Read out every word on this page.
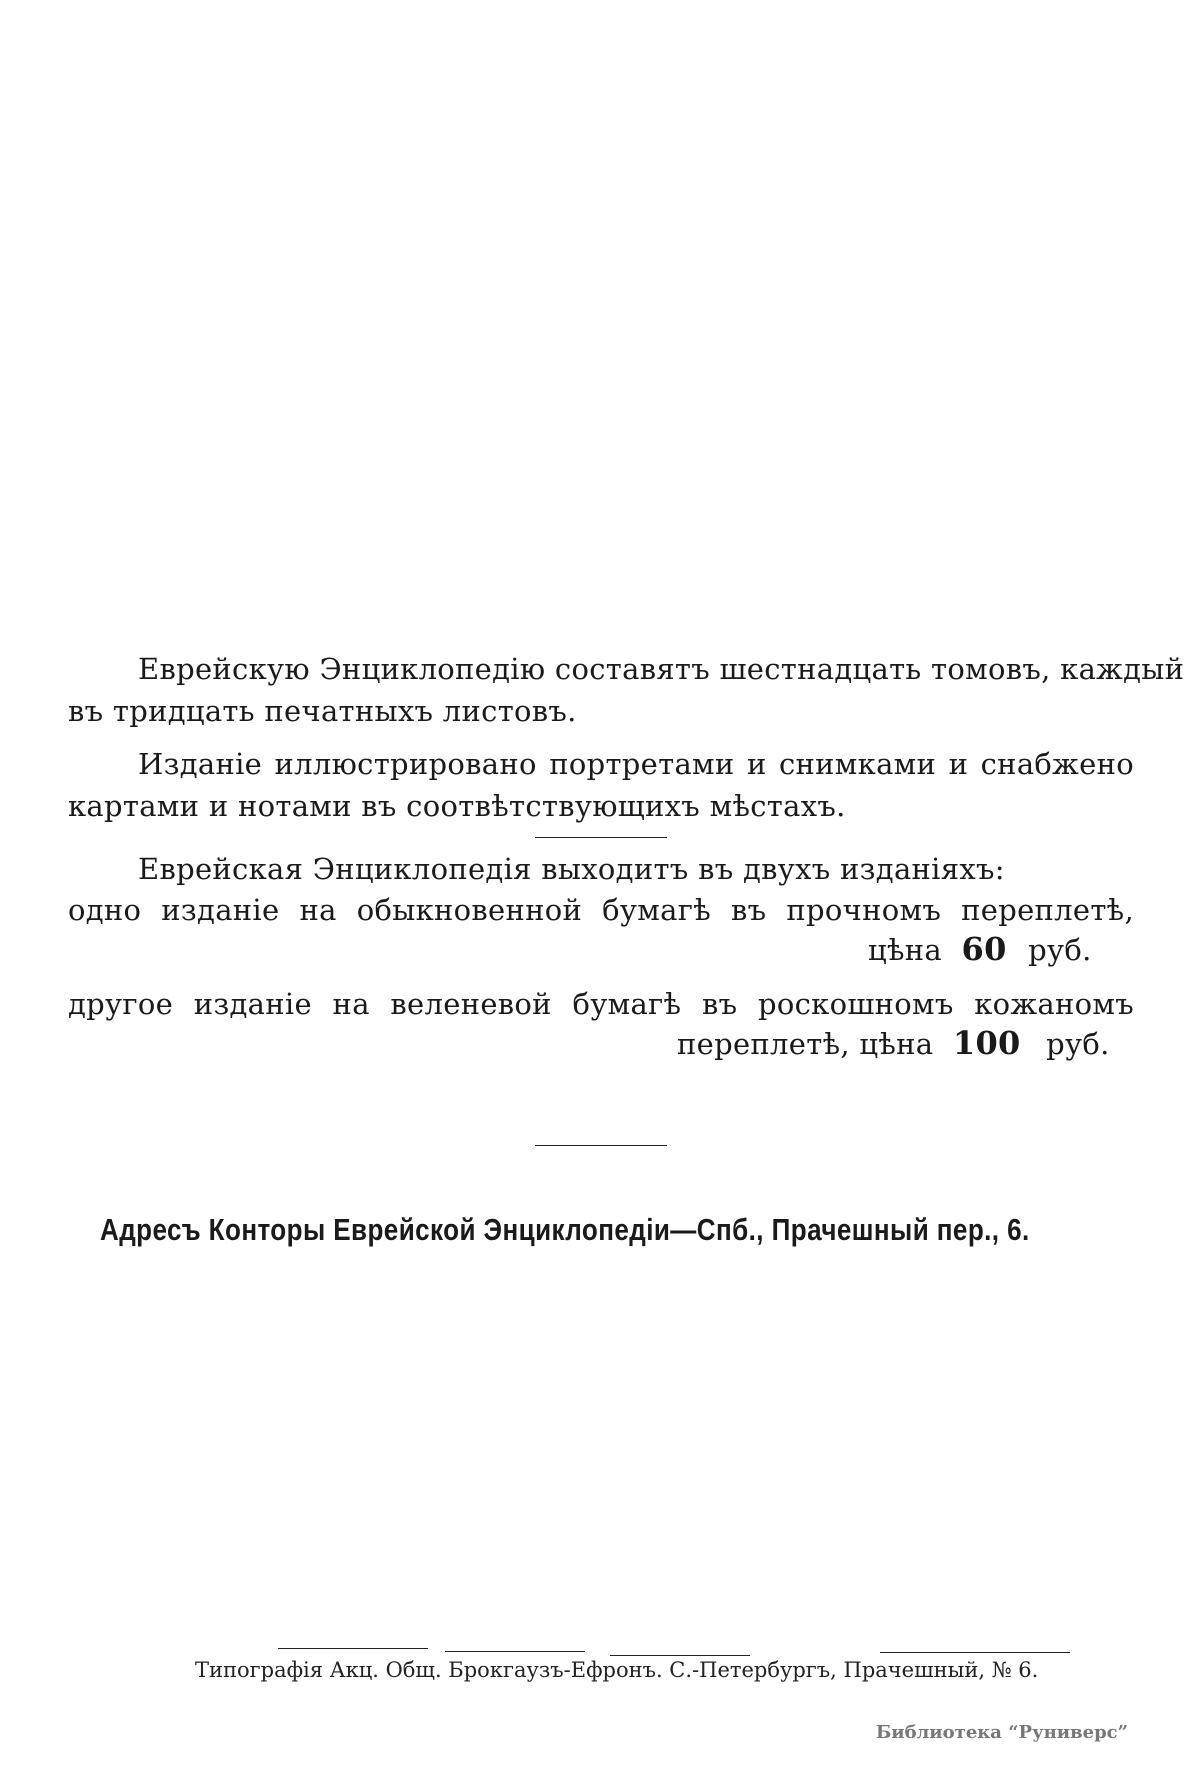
Еврейскую Энциклопедію составятъ шестнадцать томовъ, каждый
въ тридцать печатныхъ листовъ.
Изданіе иллюстрировано портретами и снимками и снабжено
картами и нотами въ соотвѣтствующихъ мѣстахъ.
Еврейская Энциклопедія выходитъ въ двухъ изданіяхъ:
одно изданіе на обыкновенной бумагѣ въ прочномъ переплетѣ,
цѣна 60 руб.
другое изданіе на веленевой бумагѣ въ роскошномъ кожаномъ
переплетѣ, цѣна 100 руб.
Адресъ Конторы Еврейской Энциклопедіи—Спб., Прачешный пер., 6.
Типографія Акц. Общ. Брокгаузъ-Ефронъ. С.-Петербургъ, Прачешный, № 6.
Библиотека “Руниверс”
